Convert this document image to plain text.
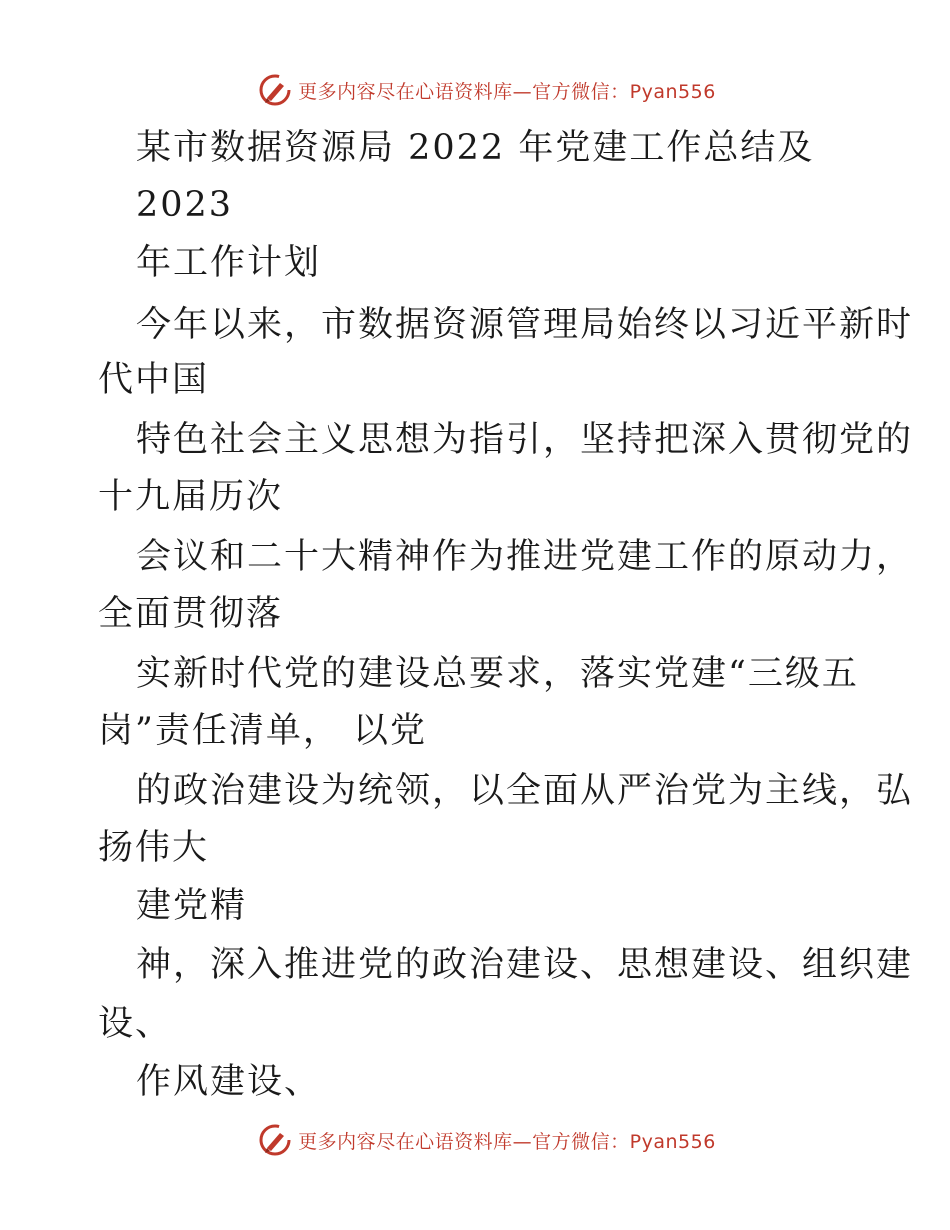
更多内容尽在心语资料库—官方微信：Pyan556
某市数据资源局 2022 年党建工作总结及
2023
年工作计划
今年以来，市数据资源管理局始终以习近平新时
代中国
特色社会主义思想为指引，坚持把深入贯彻党的
十九届历次
会议和二十大精神作为推进党建工作的原动力，
全面贯彻落
实新时代党的建设总要求，落实党建“三级五
岗”责任清单， 以党
的政治建设为统领，以全面从严治党为主线，弘
扬伟大
建党精
神，深入推进党的政治建设、思想建设、组织建
设、
作风建设、
更多内容尽在心语资料库—官方微信：Pyan556
